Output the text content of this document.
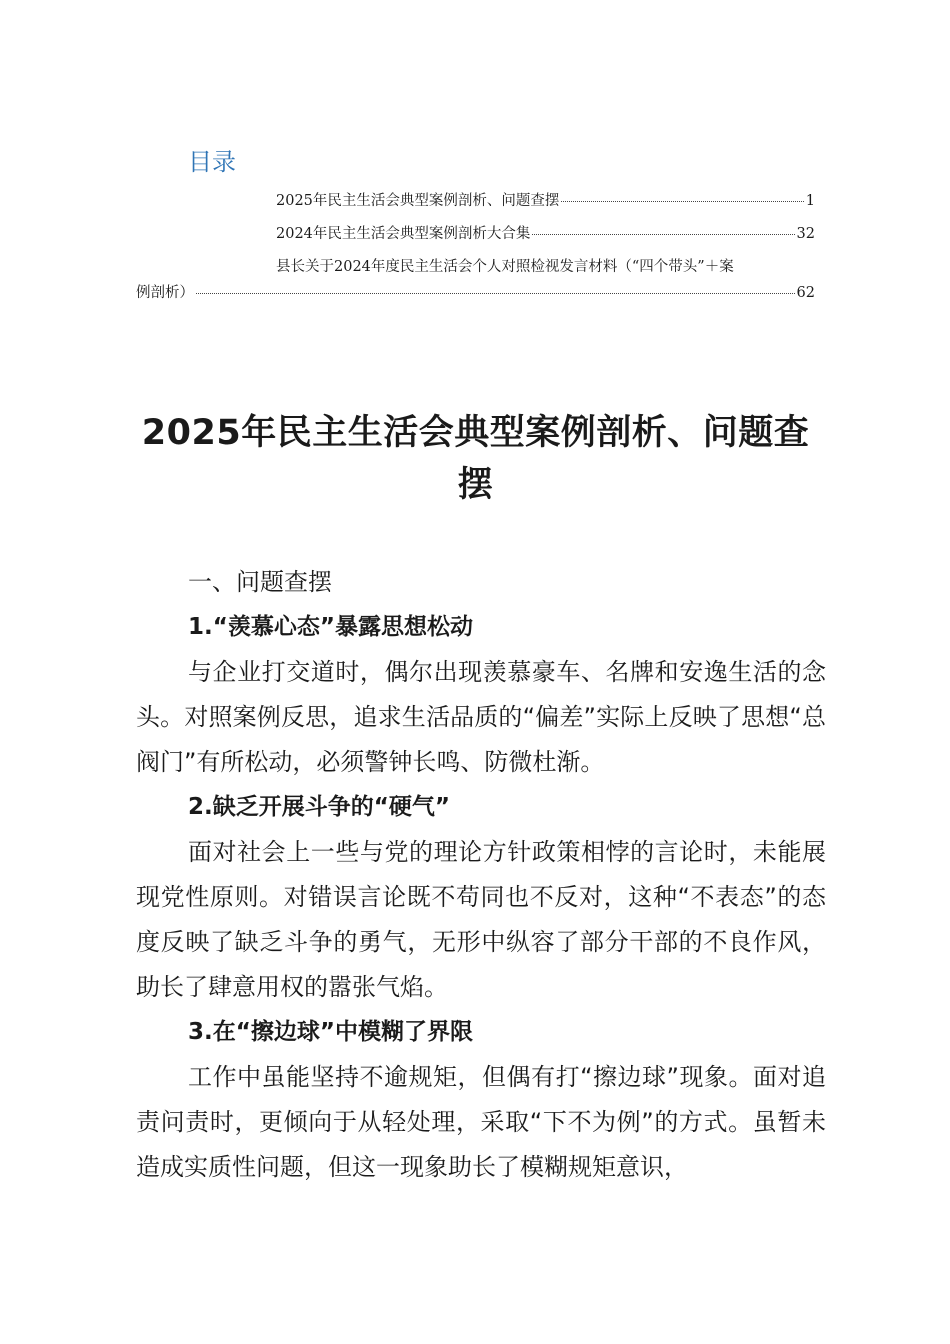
目录
2025年民主生活会典型案例剖析、问题查摆	1
2024年民主生活会典型案例剖析大合集	32
县长关于2024年度民主生活会个人对照检视发言材料（“四个带头”＋案
例剖析）	62
2025年民主生活会典型案例剖析、问题查摆

一、问题查摆

1.“羡慕心态”暴露思想松动

与企业打交道时，偶尔出现羡慕豪车、名牌和安逸生活的念头。对照案例反思，追求生活品质的“偏差”实际上反映了思想“总阀门”有所松动，必须警钟长鸣、防微杜渐。

2.缺乏开展斗争的“硬气”

面对社会上一些与党的理论方针政策相悖的言论时，未能展现党性原则。对错误言论既不苟同也不反对，这种“不表态”的态度反映了缺乏斗争的勇气，无形中纵容了部分干部的不良作风，助长了肆意用权的嚣张气焰。

3.在“擦边球”中模糊了界限

工作中虽能坚持不逾规矩，但偶有打“擦边球”现象。面对追责问责时，更倾向于从轻处理，采取“下不为例”的方式。虽暂未造成实质性问题，但这一现象助长了模糊规矩意识，
